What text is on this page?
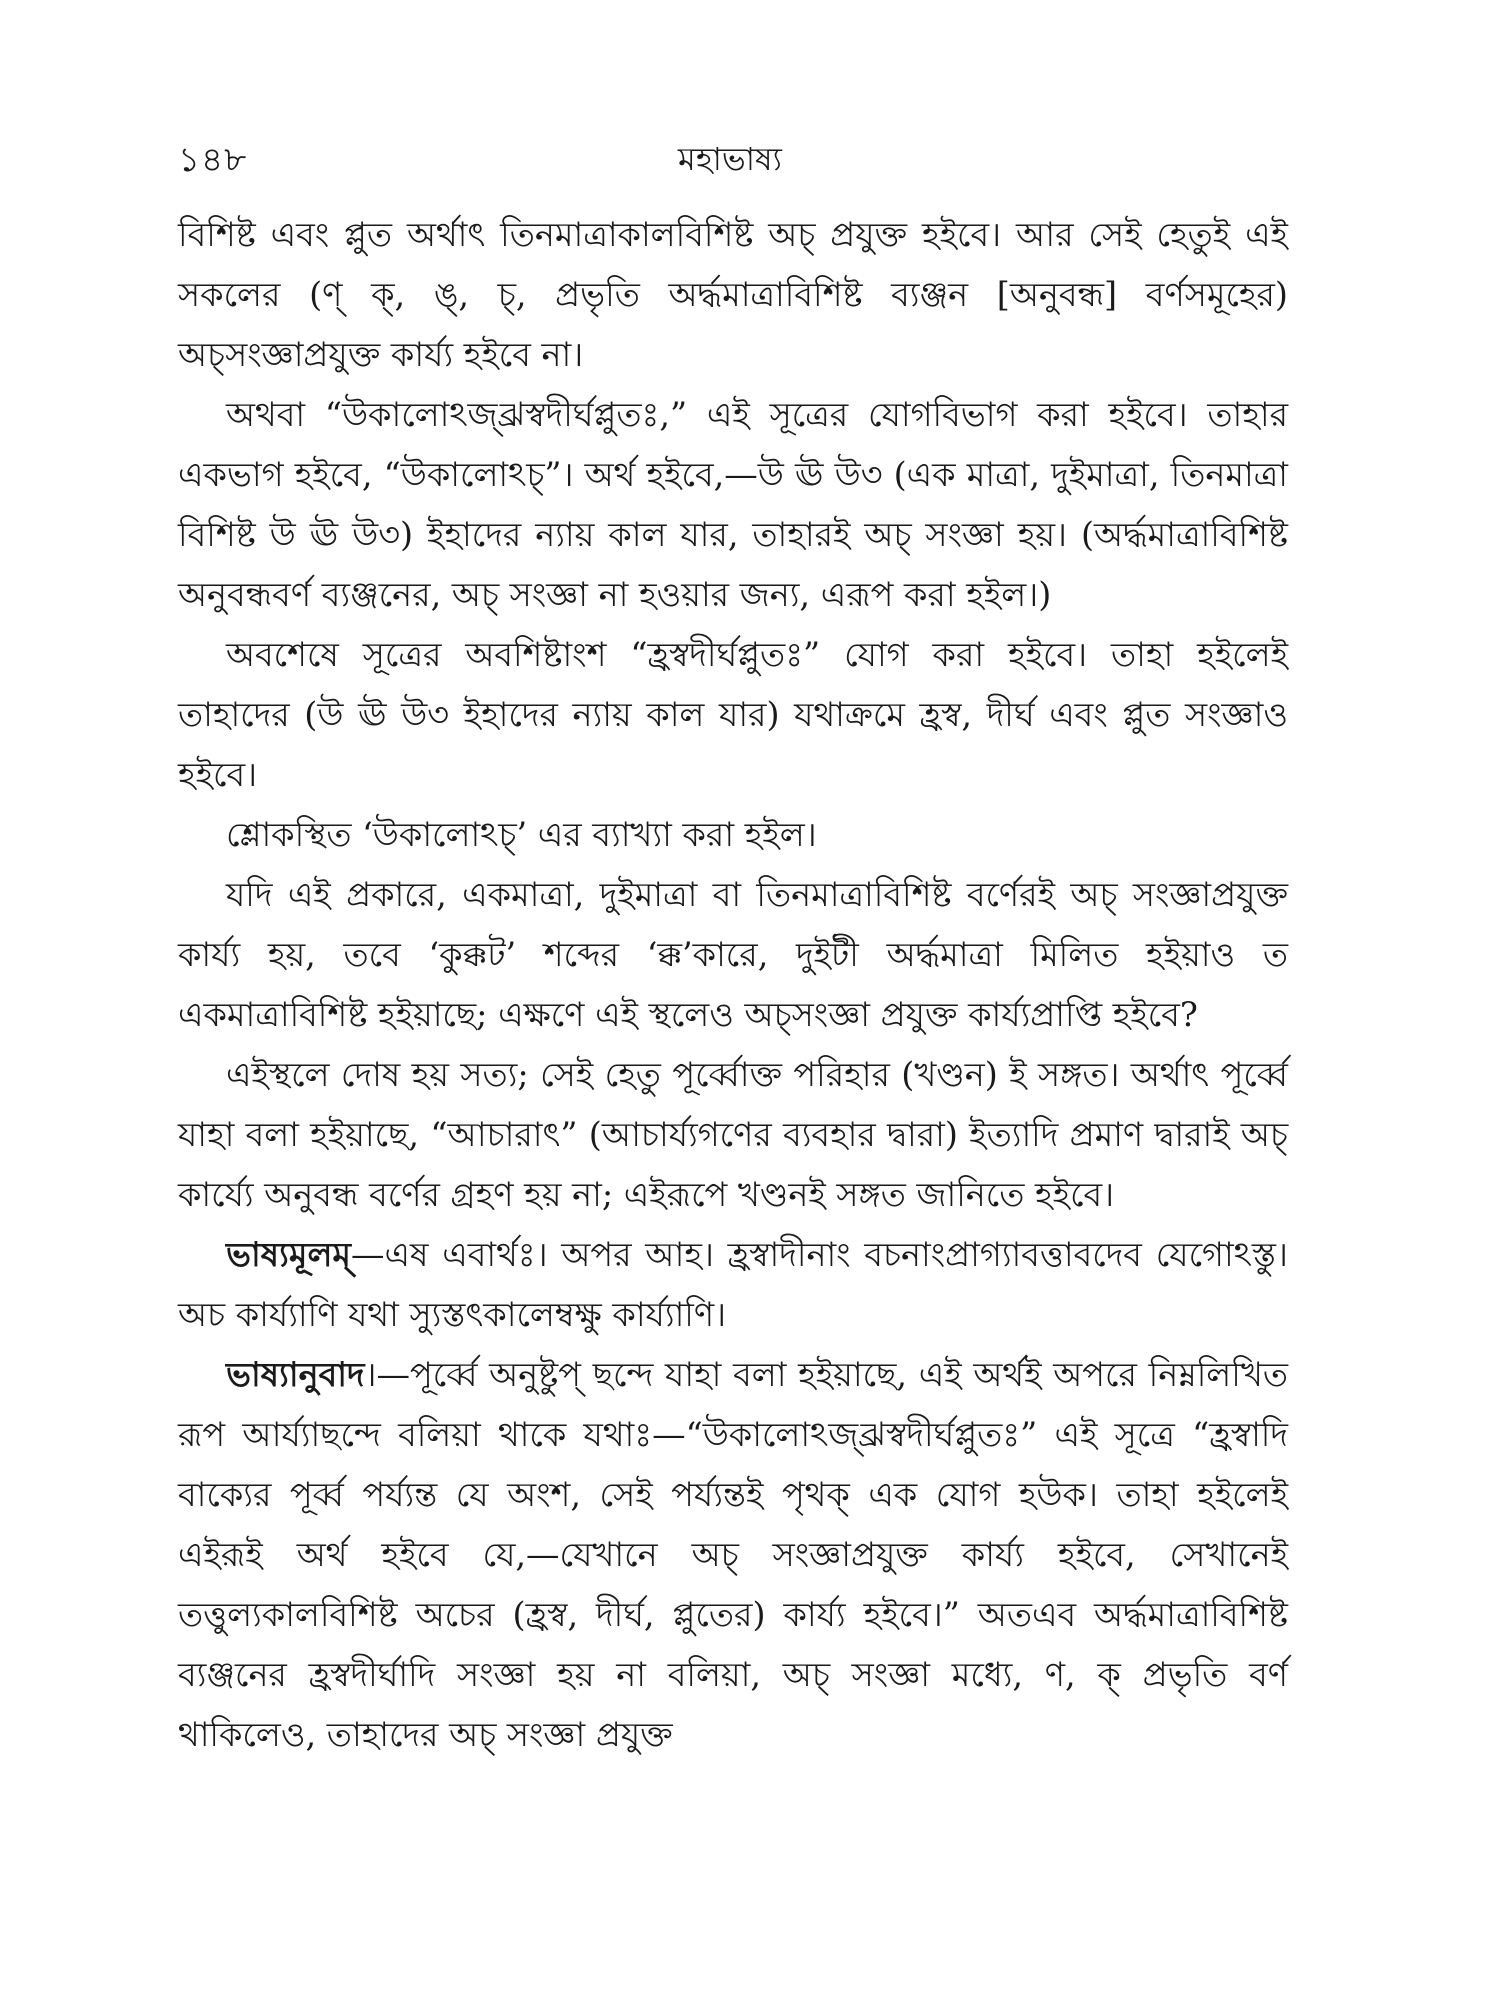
১৪৮	মহাভাষ্য

বিশিষ্ট এবং প্লুত অর্থাৎ তিনমাত্রাকালবিশিষ্ট অচ্ প্রযুক্ত হইবে। আর সেই হেতুই এই সকলের (ণ্ ক্, ঙ্, চ্, প্রভৃতি অর্দ্ধমাত্রাবিশিষ্ট ব্যঞ্জন [অনুবন্ধ] বর্ণসমূহের) অচ্সংজ্ঞাপ্রযুক্ত কার্য্য হইবে না।

অথবা “উকালোঽজ্ঝ্রস্বদীর্ঘপ্লুতঃ,” এই সূত্রের যোগবিভাগ করা হইবে। তাহার একভাগ হইবে, “উকালোঽচ্”। অর্থ হইবে,—উ ঊ উ৩ (এক মাত্রা, দুইমাত্রা, তিনমাত্রা বিশিষ্ট উ ঊ উ৩) ইহাদের ন্যায় কাল যার, তাহারই অচ্ সংজ্ঞা হয়। (অর্দ্ধমাত্রাবিশিষ্ট অনুবন্ধবর্ণ ব্যঞ্জনের, অচ্ সংজ্ঞা না হওয়ার জন্য, এরূপ করা হইল।)

অবশেষে সূত্রের অবশিষ্টাংশ “হ্রস্বদীর্ঘপ্লুতঃ” যোগ করা হইবে। তাহা হইলেই তাহাদের (উ ঊ উ৩ ইহাদের ন্যায় কাল যার) যথাক্রমে হ্রস্ব, দীর্ঘ এবং প্লুত সংজ্ঞাও হইবে।

শ্লোকস্থিত ‘উকালোঽচ্’ এর ব্যাখ্যা করা হইল।

যদি এই প্রকারে, একমাত্রা, দুইমাত্রা বা তিনমাত্রাবিশিষ্ট বর্ণেরই অচ্ সংজ্ঞাপ্রযুক্ত কার্য্য হয়, তবে ‘কুক্কট’ শব্দের ‘ক্ক’কারে, দুইটী অর্দ্ধমাত্রা মিলিত হইয়াও ত একমাত্রাবিশিষ্ট হইয়াছে; এক্ষণে এই স্থলেও অচ্সংজ্ঞা প্রযুক্ত কার্য্যপ্রাপ্তি হইবে?

এইস্থলে দোষ হয় সত্য; সেই হেতু পূর্ব্বোক্ত পরিহার (খণ্ডন) ই সঙ্গত। অর্থাৎ পূর্ব্বে যাহা বলা হইয়াছে, “আচারাৎ” (আচার্য্যগণের ব্যবহার দ্বারা) ইত্যাদি প্রমাণ দ্বারাই অচ্ কার্য্যে অনুবন্ধ বর্ণের গ্রহণ হয় না; এইরূপে খণ্ডনই সঙ্গত জানিতে হইবে।

ভাষ্যমূলম্—এষ এবার্থঃ। অপর আহ। হ্রস্বাদীনাং বচনাংপ্রাগ্যাবত্তাবদেব যেগোঽস্তু। অচ কার্য্যাণি যথা স্যুস্তৎকালেম্বক্ষু কার্য্যাণি।

ভাষ্যানুবাদ।—পূর্ব্বে অনুষ্টুপ্ ছন্দে যাহা বলা হইয়াছে, এই অর্থই অপরে নিম্নলিখিত রূপ আর্য্যাছন্দে বলিয়া থাকে যথাঃ—“উকালোঽজ্ঝ্রস্বদীর্ঘপ্লুতঃ” এই সূত্রে “হ্রস্বাদি বাক্যের পূর্ব্ব পর্য্যন্ত যে অংশ, সেই পর্য্যন্তই পৃথক্ এক যোগ হউক। তাহা হইলেই এইরূই অর্থ হইবে যে,—যেখানে অচ্ সংজ্ঞাপ্রযুক্ত কার্য্য হইবে, সেখানেই তত্তুল্যকালবিশিষ্ট অচের (হ্রস্ব, দীর্ঘ, প্লুতের) কার্য্য হইবে।” অতএব অর্দ্ধমাত্রাবিশিষ্ট ব্যঞ্জনের হ্রস্বদীর্ঘাদি সংজ্ঞা হয় না বলিয়া, অচ্ সংজ্ঞা মধ্যে, ণ, ক্ প্রভৃতি বর্ণ থাকিলেও, তাহাদের অচ্ সংজ্ঞা প্রযুক্ত
